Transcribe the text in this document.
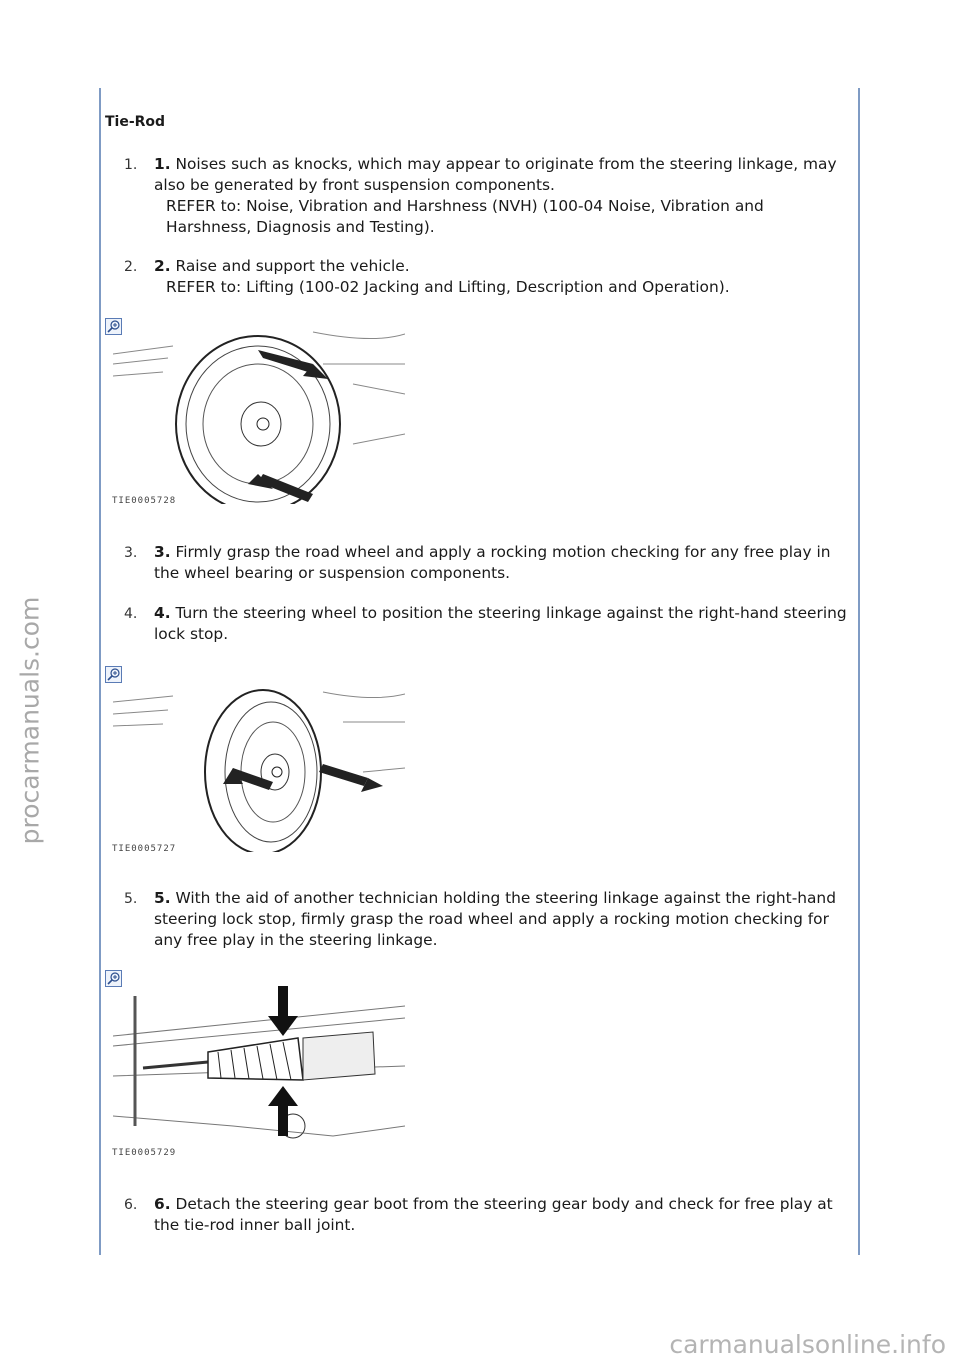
procarmanuals.com
carmanualsonline.info
Tie-Rod
1. 1. Noises such as knocks, which may appear to originate from the steering linkage, may also be generated by front suspension components.
REFER to: Noise, Vibration and Harshness (NVH) (100-04 Noise, Vibration and Harshness, Diagnosis and Testing).
2. 2. Raise and support the vehicle.
REFER to: Lifting (100-02 Jacking and Lifting, Description and Operation).
TIE0005728
3. 3. Firmly grasp the road wheel and apply a rocking motion checking for any free play in the wheel bearing or suspension components.
4. 4. Turn the steering wheel to position the steering linkage against the right-hand steering lock stop.
TIE0005727
5. 5. With the aid of another technician holding the steering linkage against the right-hand steering lock stop, firmly grasp the road wheel and apply a rocking motion checking for any free play in the steering linkage.
TIE0005729
6. 6. Detach the steering gear boot from the steering gear body and check for free play at the tie-rod inner ball joint.
